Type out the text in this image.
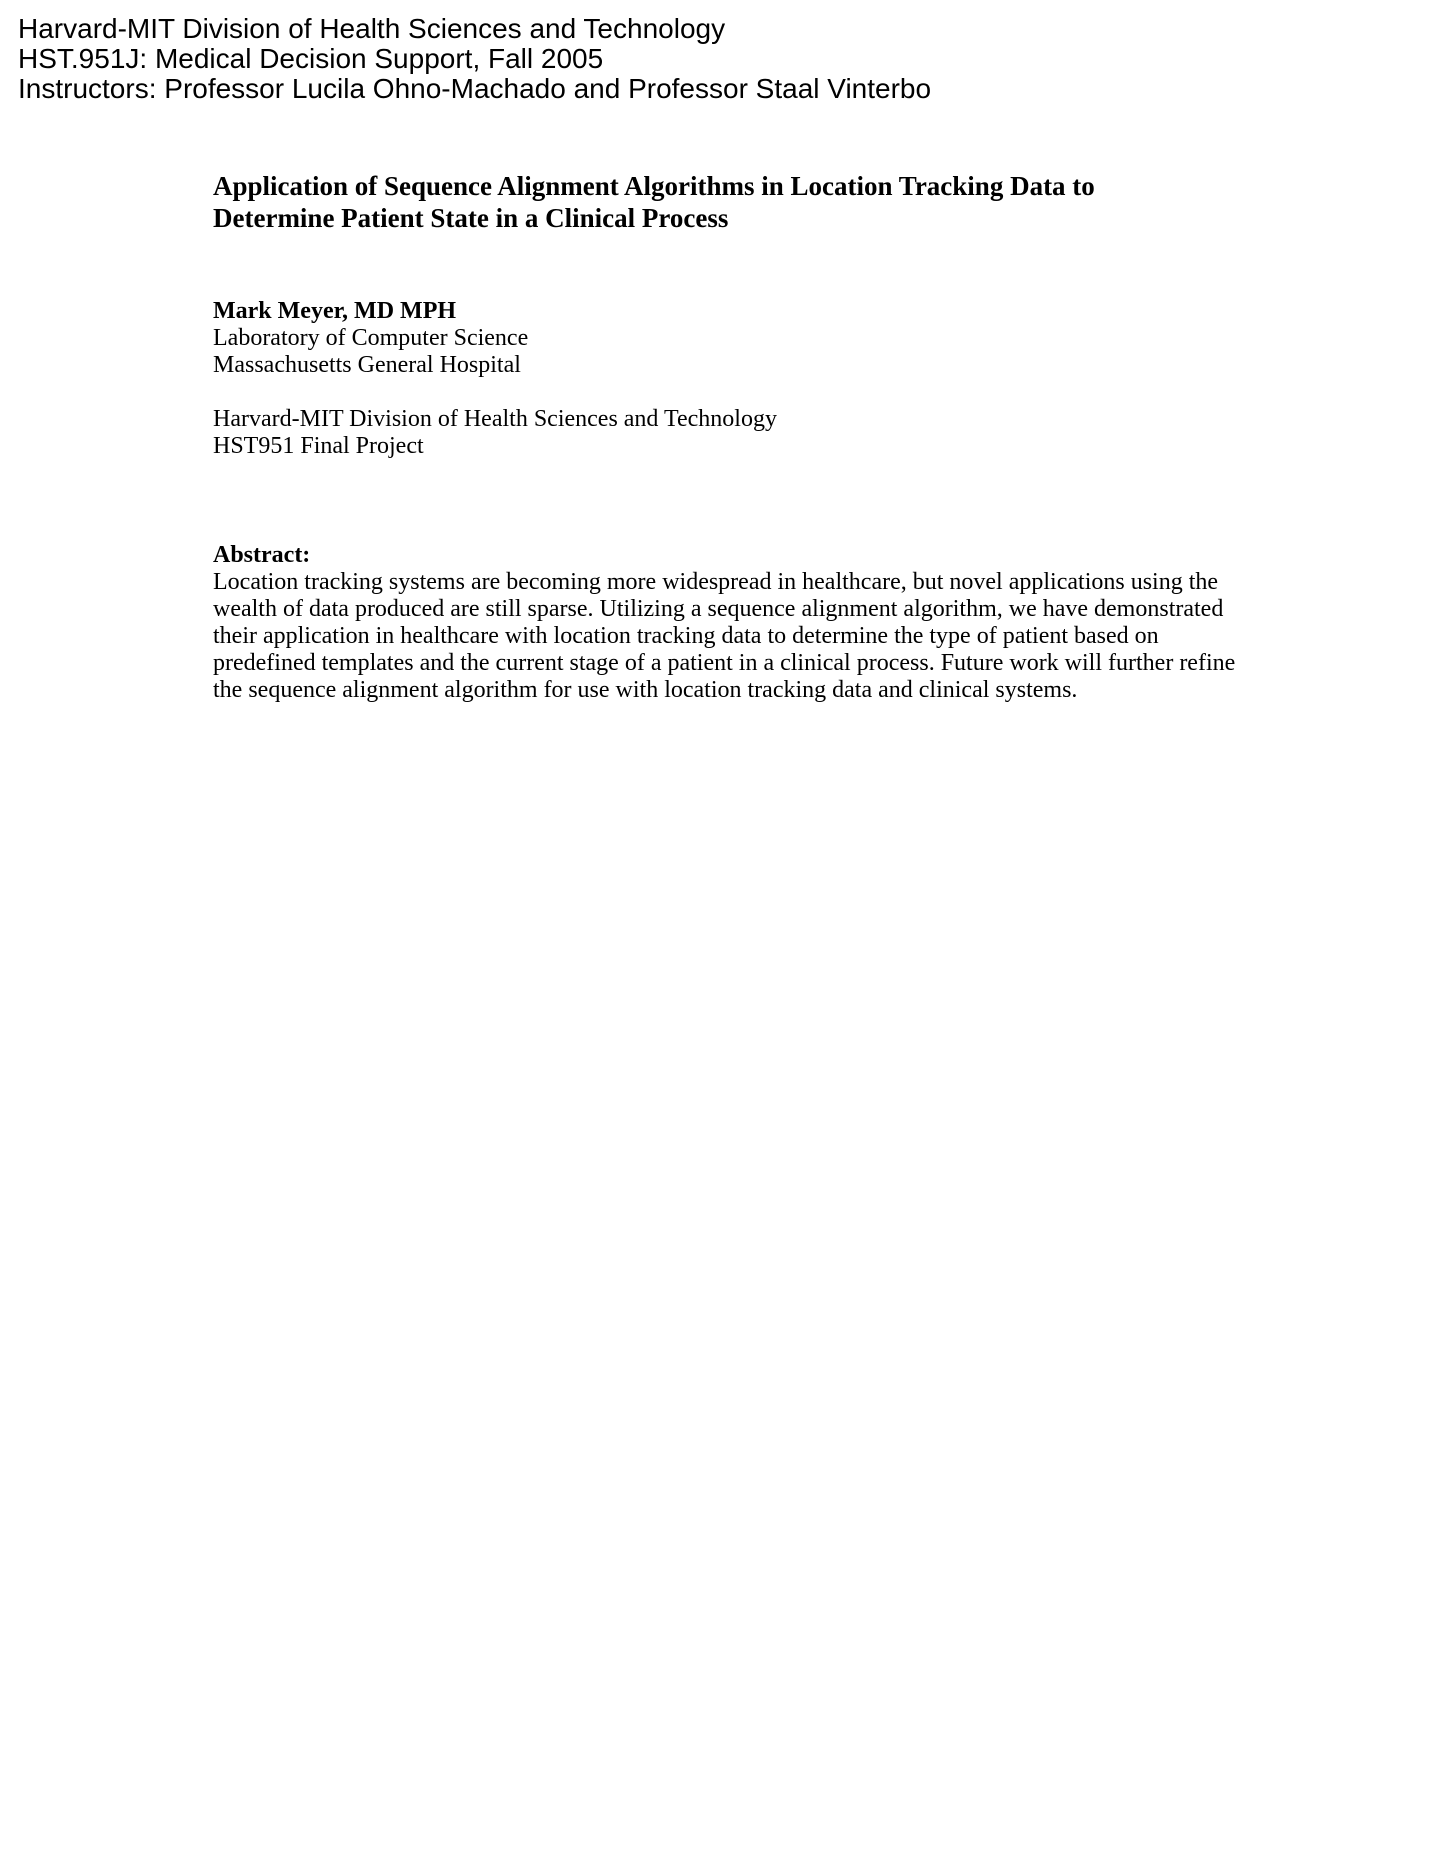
Harvard-MIT Division of Health Sciences and Technology
HST.951J: Medical Decision Support, Fall 2005
Instructors: Professor Lucila Ohno-Machado and Professor Staal Vinterbo
Application of Sequence Alignment Algorithms in Location Tracking Data to
Determine Patient State in a Clinical Process
Mark Meyer, MD MPH
Laboratory of Computer Science
Massachusetts General Hospital
Harvard-MIT Division of Health Sciences and Technology
HST951 Final Project
Abstract:
Location tracking systems are becoming more widespread in healthcare, but novel applications using the
wealth of data produced are still sparse. Utilizing a sequence alignment algorithm, we have demonstrated
their application in healthcare with location tracking data to determine the type of patient based on
predefined templates and the current stage of a patient in a clinical process. Future work will further refine
the sequence alignment algorithm for use with location tracking data and clinical systems.
